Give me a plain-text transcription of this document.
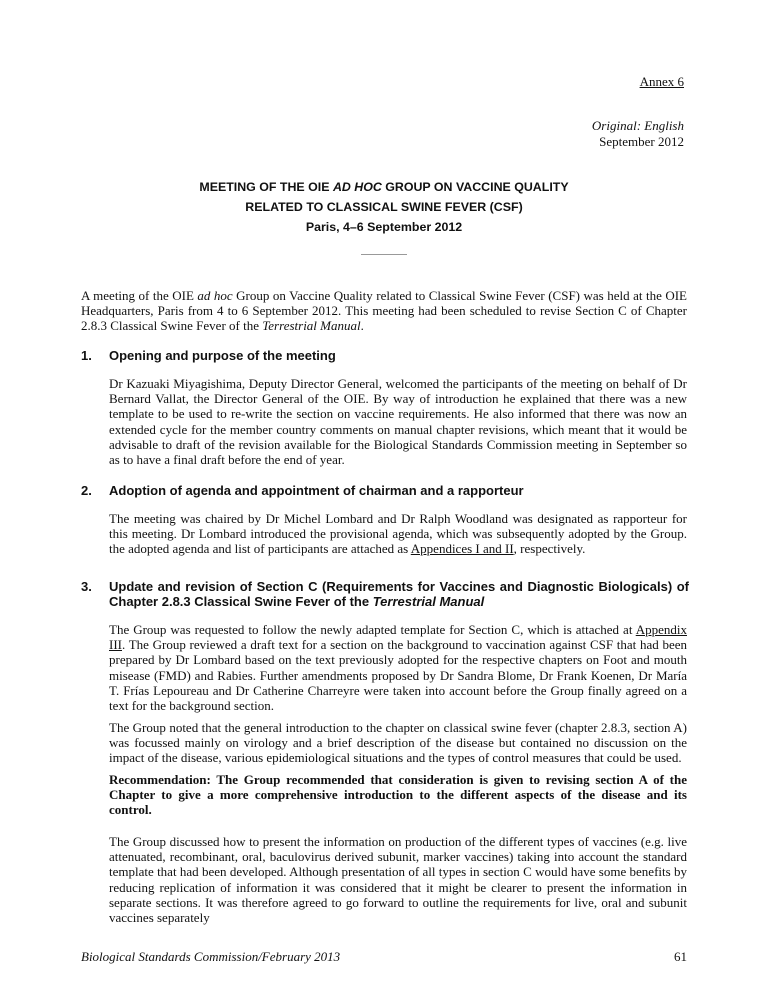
Annex 6
Original: English
September 2012
MEETING OF THE OIE AD HOC GROUP ON VACCINE QUALITY
RELATED TO CLASSICAL SWINE FEVER (CSF)
Paris, 4–6 September 2012
A meeting of the OIE ad hoc Group on Vaccine Quality related to Classical Swine Fever (CSF) was held at the OIE Headquarters, Paris from 4 to 6 September 2012. This meeting had been scheduled to revise Section C of Chapter 2.8.3 Classical Swine Fever of the Terrestrial Manual.
1. Opening and purpose of the meeting
Dr Kazuaki Miyagishima, Deputy Director General, welcomed the participants of the meeting on behalf of Dr Bernard Vallat, the Director General of the OIE. By way of introduction he explained that there was a new template to be used to re-write the section on vaccine requirements. He also informed that there was now an extended cycle for the member country comments on manual chapter revisions, which meant that it would be advisable to draft of the revision available for the Biological Standards Commission meeting in September so as to have a final draft before the end of year.
2. Adoption of agenda and appointment of chairman and a rapporteur
The meeting was chaired by Dr Michel Lombard and Dr Ralph Woodland was designated as rapporteur for this meeting. Dr Lombard introduced the provisional agenda, which was subsequently adopted by the Group. the adopted agenda and list of participants are attached as Appendices I and II, respectively.
3. Update and revision of Section C (Requirements for Vaccines and Diagnostic Biologicals) of Chapter 2.8.3 Classical Swine Fever of the Terrestrial Manual
The Group was requested to follow the newly adapted template for Section C, which is attached at Appendix III. The Group reviewed a draft text for a section on the background to vaccination against CSF that had been prepared by Dr Lombard based on the text previously adopted for the respective chapters on Foot and mouth misease (FMD) and Rabies. Further amendments proposed by Dr Sandra Blome, Dr Frank Koenen, Dr María T. Frías Lepoureau and Dr Catherine Charreyre were taken into account before the Group finally agreed on a text for the background section.
The Group noted that the general introduction to the chapter on classical swine fever (chapter 2.8.3, section A) was focussed mainly on virology and a brief description of the disease but contained no discussion on the impact of the disease, various epidemiological situations and the types of control measures that could be used.
Recommendation: The Group recommended that consideration is given to revising section A of the Chapter to give a more comprehensive introduction to the different aspects of the disease and its control.
The Group discussed how to present the information on production of the different types of vaccines (e.g. live attenuated, recombinant, oral, baculovirus derived subunit, marker vaccines) taking into account the standard template that had been developed. Although presentation of all types in section C would have some benefits by reducing replication of information it was considered that it might be clearer to present the information in separate sections. It was therefore agreed to go forward to outline the requirements for live, oral and subunit vaccines separately
Biological Standards Commission/February 2013	61
